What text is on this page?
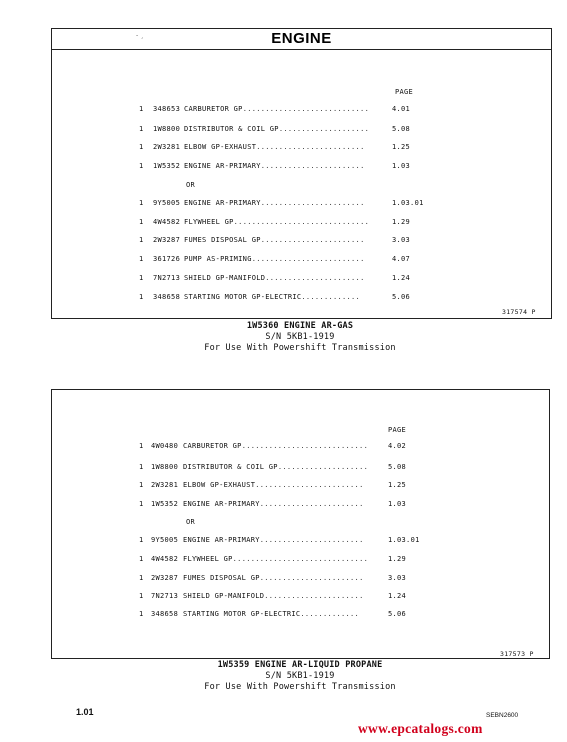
- ¸	ENGINE
PAGE
1 348653 CARBURETOR GP............................	4.01
1 1W8800 DISTRIBUTOR & COIL GP....................	5.08
1 2W3281 ELBOW GP-EXHAUST........................	1.25
1 1W5352 ENGINE AR-PRIMARY.......................	1.03
1 9Y5005 ENGINE AR-PRIMARY.......................	1.03.01
1 4W4582 FLYWHEEL GP..............................	1.29
1 2W3287 FUMES DISPOSAL GP.......................	3.03
1 361726 PUMP AS-PRIMING.........................	4.07
1 7N2713 SHIELD GP-MANIFOLD......................	1.24
1 348658 STARTING MOTOR GP-ELECTRIC.............	5.06
OR
317574 P
1W5360 ENGINE AR-GAS
S/N 5KB1-1919
For Use With Powershift Transmission
PAGE
1 4W0480 CARBURETOR GP............................	4.02
1 1W8800 DISTRIBUTOR & COIL GP....................	5.08
1 2W3281 ELBOW GP-EXHAUST........................	1.25
1 1W5352 ENGINE AR-PRIMARY.......................	1.03
1 9Y5005 ENGINE AR-PRIMARY.......................	1.03.01
1 4W4582 FLYWHEEL GP..............................	1.29
1 2W3287 FUMES DISPOSAL GP.......................	3.03
1 7N2713 SHIELD GP-MANIFOLD......................	1.24
1 348658 STARTING MOTOR GP-ELECTRIC.............	5.06
OR
317573 P
1W5359 ENGINE AR-LIQUID PROPANE
S/N 5KB1-1919
For Use With Powershift Transmission
1.01	SEBN2600
www.epcatalogs.com
